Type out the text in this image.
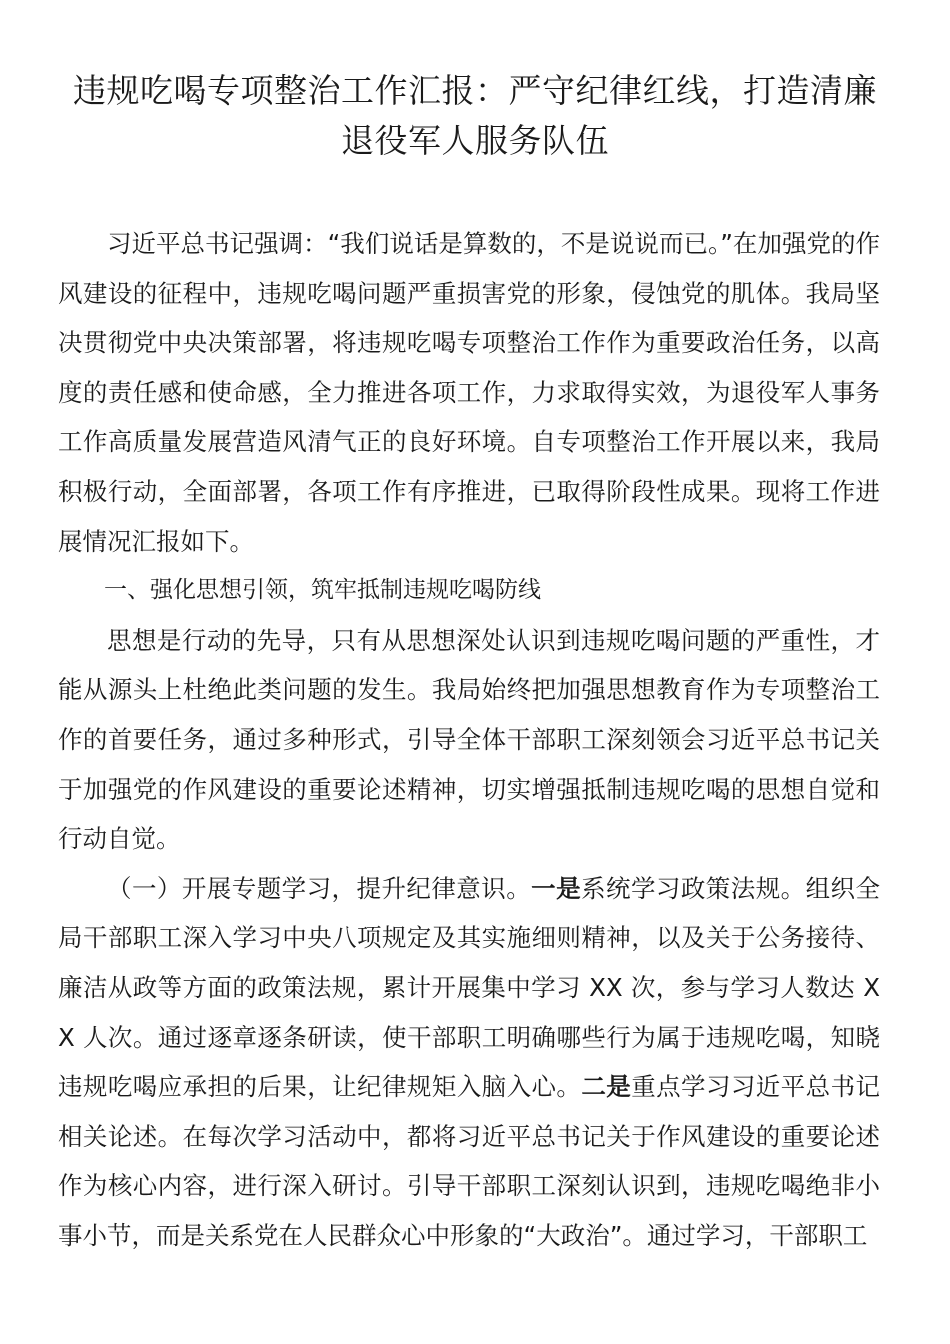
违规吃喝专项整治工作汇报：严守纪律红线，打造清廉退役军人服务队伍

习近平总书记强调：“我们说话是算数的，不是说说而已。”在加强党的作风建设的征程中，违规吃喝问题严重损害党的形象，侵蚀党的肌体。我局坚决贯彻党中央决策部署，将违规吃喝专项整治工作作为重要政治任务，以高度的责任感和使命感，全力推进各项工作，力求取得实效，为退役军人事务工作高质量发展营造风清气正的良好环境。自专项整治工作开展以来，我局积极行动，全面部署，各项工作有序推进，已取得阶段性成果。现将工作进展情况汇报如下。

一、强化思想引领，筑牢抵制违规吃喝防线

思想是行动的先导，只有从思想深处认识到违规吃喝问题的严重性，才能从源头上杜绝此类问题的发生。我局始终把加强思想教育作为专项整治工作的首要任务，通过多种形式，引导全体干部职工深刻领会习近平总书记关于加强党的作风建设的重要论述精神，切实增强抵制违规吃喝的思想自觉和行动自觉。

（一）开展专题学习，提升纪律意识。一是系统学习政策法规。组织全局干部职工深入学习中央八项规定及其实施细则精神，以及关于公务接待、廉洁从政等方面的政策法规，累计开展集中学习 XX 次，参与学习人数达 XX 人次。通过逐章逐条研读，使干部职工明确哪些行为属于违规吃喝，知晓违规吃喝应承担的后果，让纪律规矩入脑入心。二是重点学习习近平总书记相关论述。在每次学习活动中，都将习近平总书记关于作风建设的重要论述作为核心内容，进行深入研讨。引导干部职工深刻认识到，违规吃喝绝非小事小节，而是关系党在人民群众心中形象的“大政治”。通过学习，干部职工
